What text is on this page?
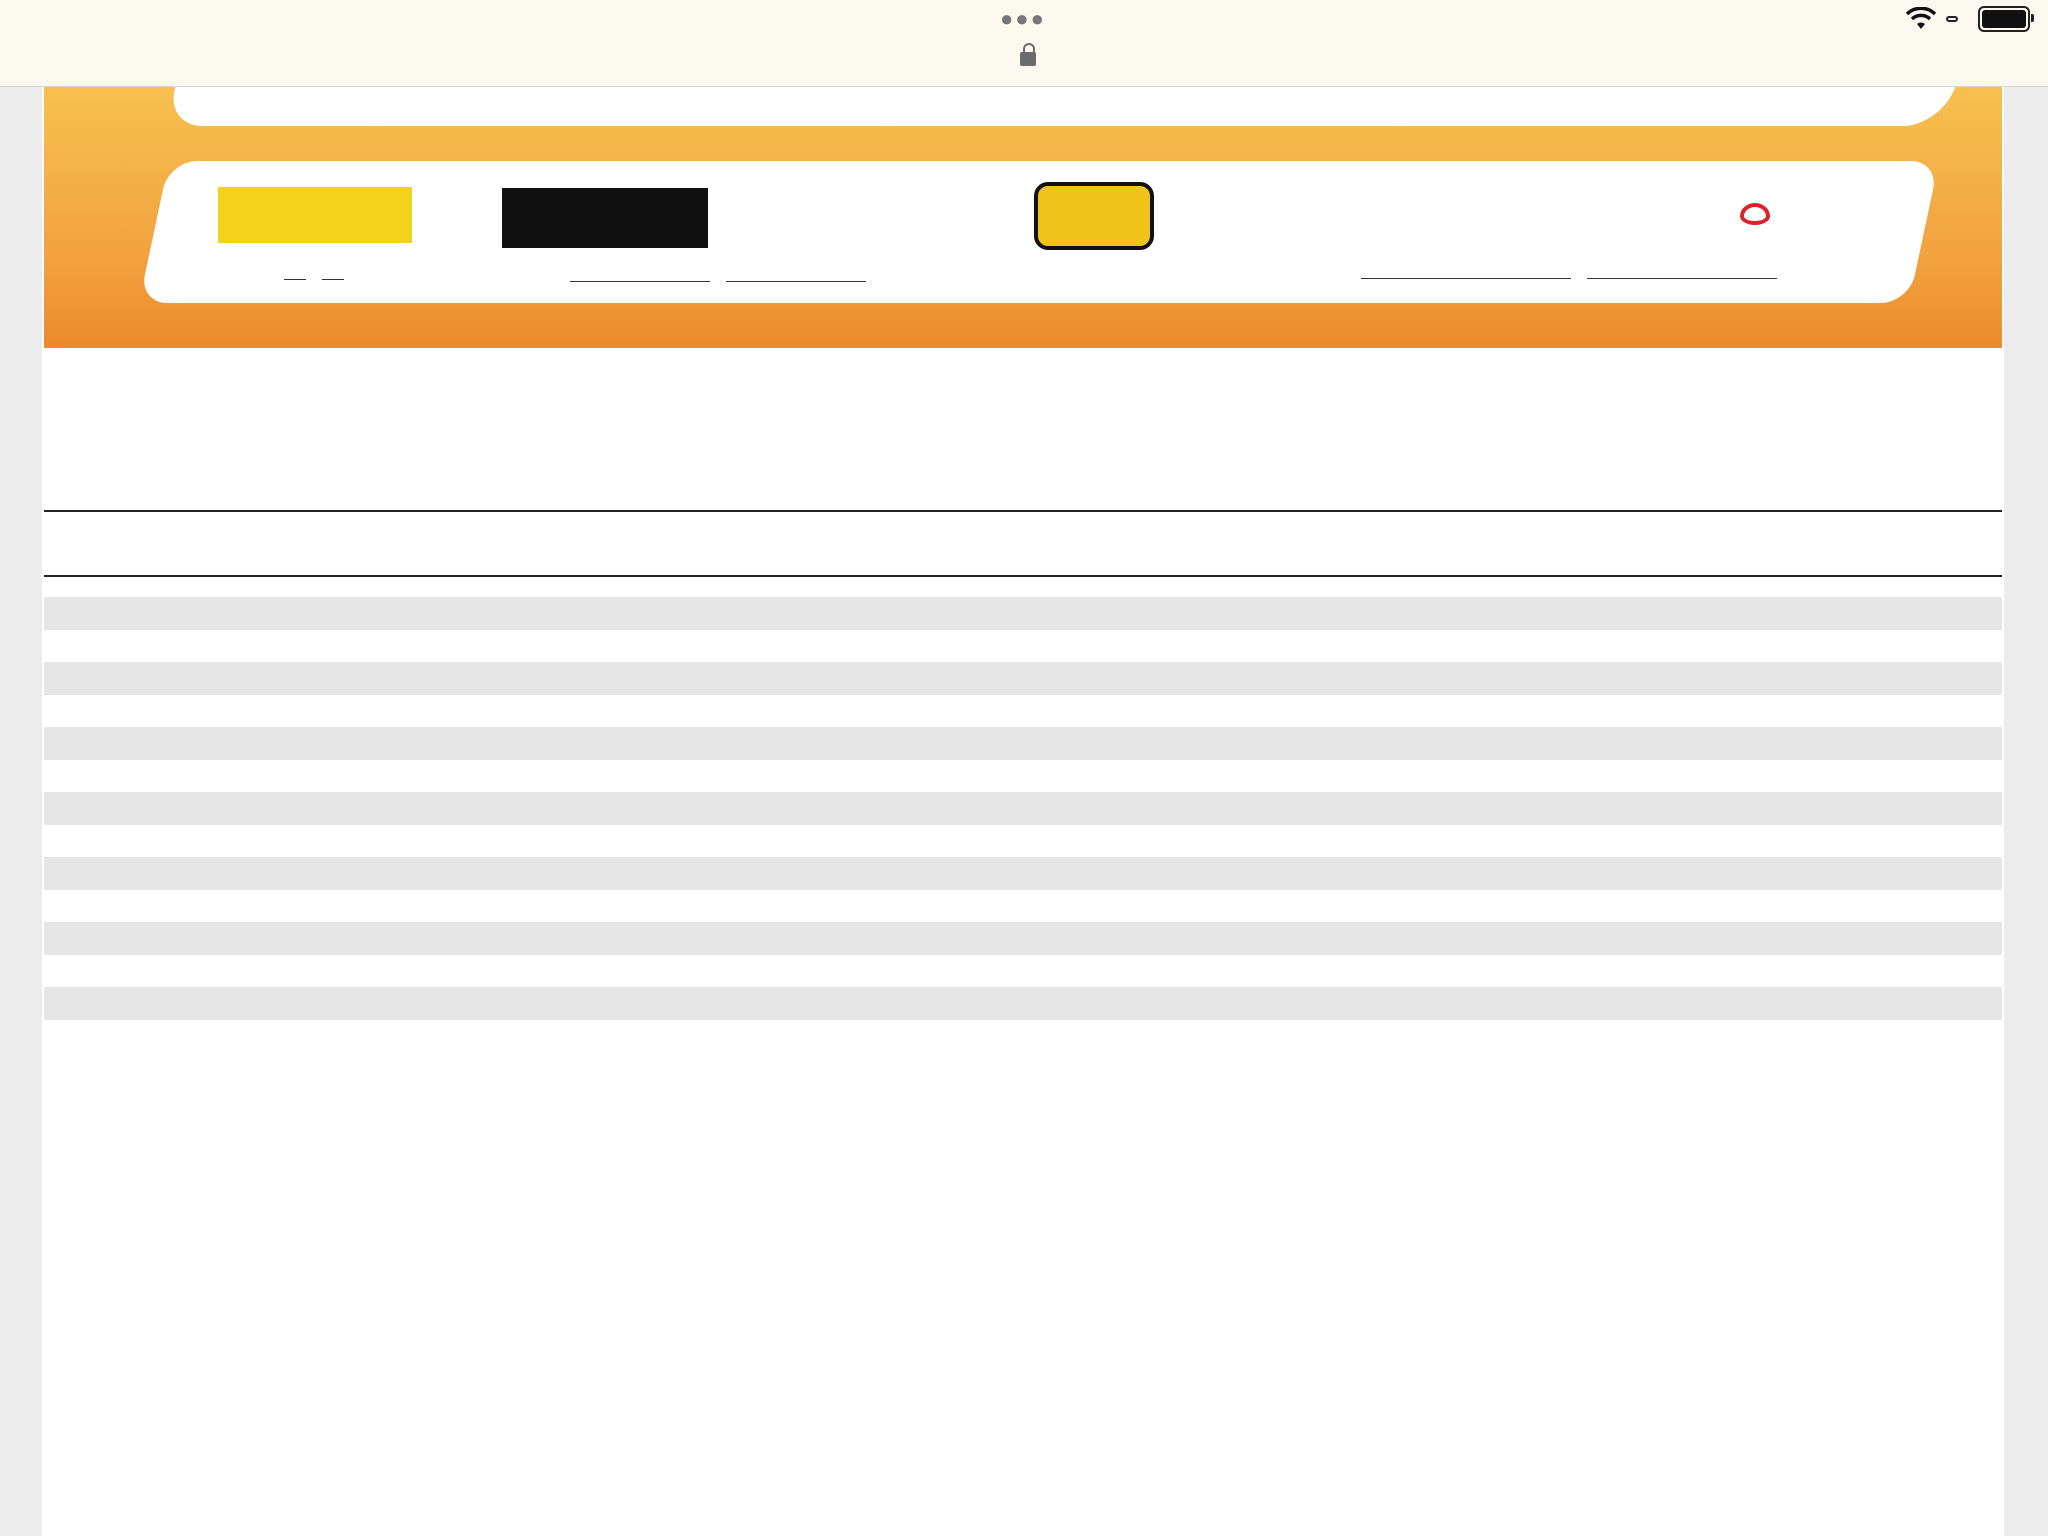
●●●
